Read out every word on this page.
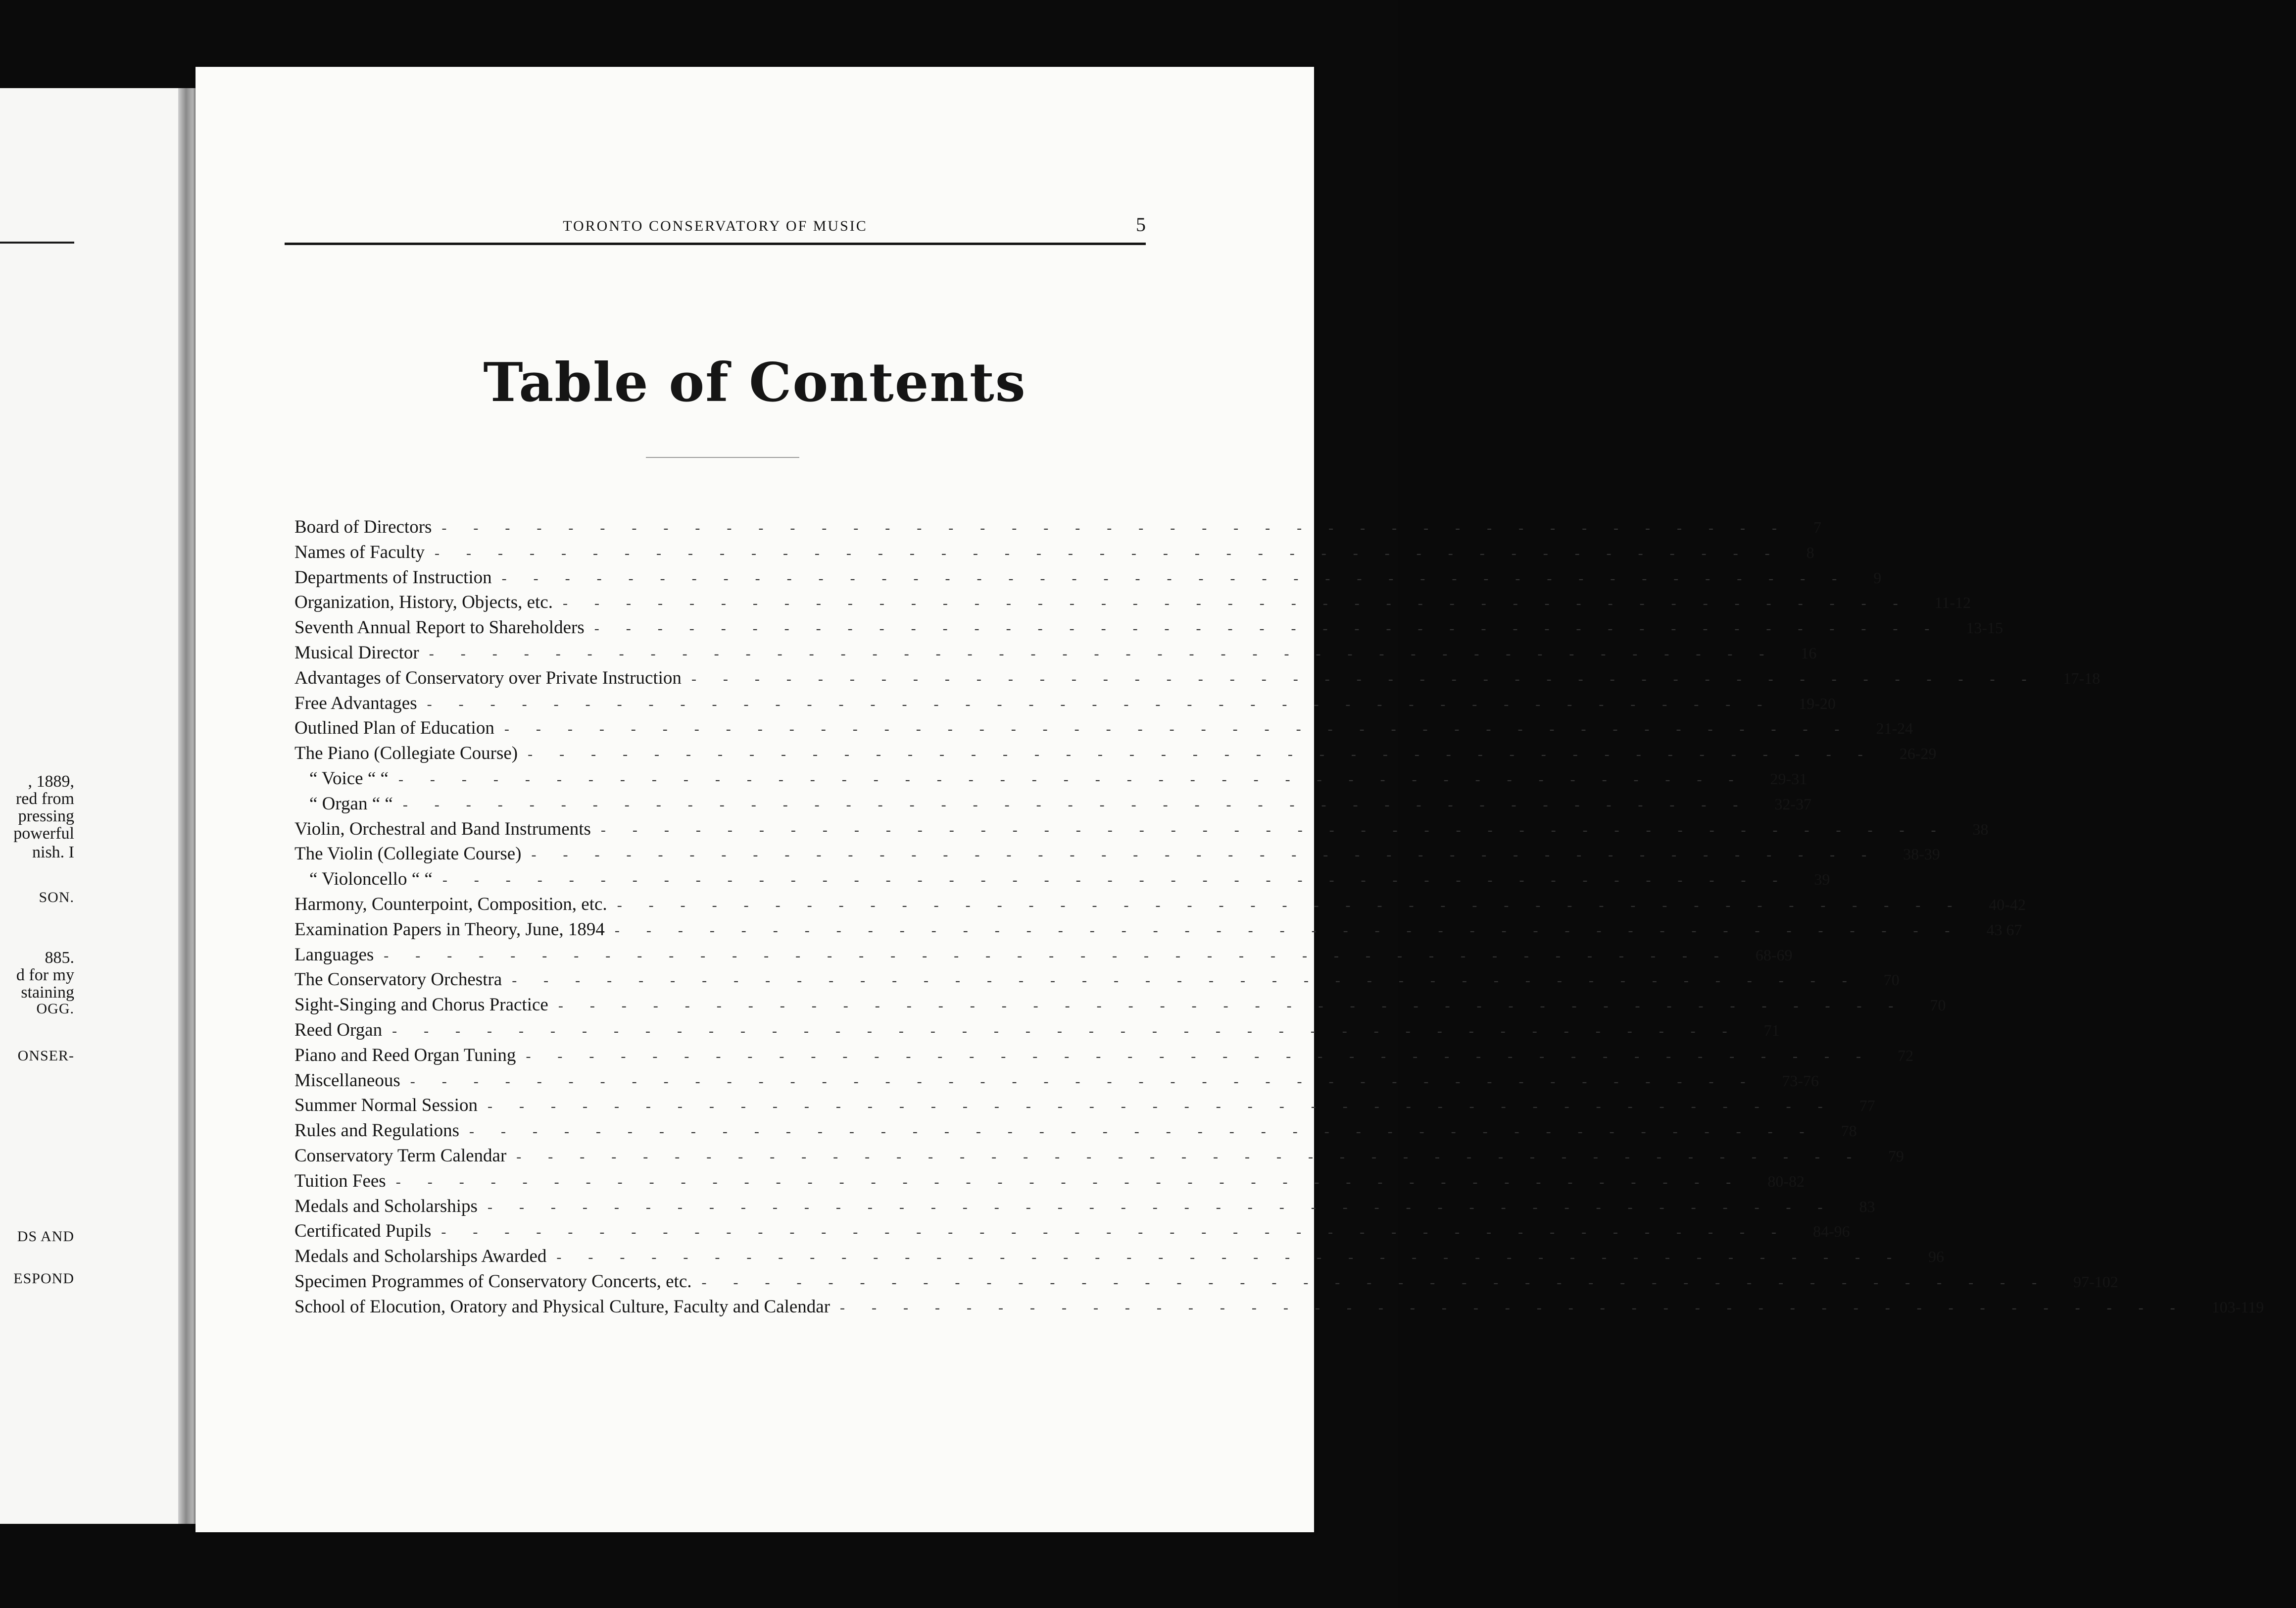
, 1889,
red from
pressing
powerful
nish. I
SON.
885.
d for my
staining
OGG.
ONSER-
DS AND
ESPOND
TORONTO CONSERVATORY OF MUSIC	5
Table of Contents
Board of Directors ------------------------------------------- 7
Names of Faculty ------------------------------------------- 8
Departments of Instruction ------------------------------------------- 9
Organization, History, Objects, etc. ------------------------------------------- 11-12
Seventh Annual Report to Shareholders ------------------------------------------- 13-15
Musical Director ------------------------------------------- 16
Advantages of Conservatory over Private Instruction ------------------------------------------- 17-18
Free Advantages ------------------------------------------- 19-20
Outlined Plan of Education ------------------------------------------- 21-24
The Piano (Collegiate Course) ------------------------------------------- 26-29
“ Voice “ “ ------------------------------------------- 29-31
“ Organ “ “ ------------------------------------------- 32-37
Violin, Orchestral and Band Instruments ------------------------------------------- 38
The Violin (Collegiate Course) ------------------------------------------- 38-39
“ Violoncello “ “ ------------------------------------------- 39
Harmony, Counterpoint, Composition, etc. ------------------------------------------- 40-42
Examination Papers in Theory, June, 1894 ------------------------------------------- 43 67
Languages ------------------------------------------- 68-69
The Conservatory Orchestra ------------------------------------------- 70
Sight-Singing and Chorus Practice ------------------------------------------- 70
Reed Organ ------------------------------------------- 71
Piano and Reed Organ Tuning ------------------------------------------- 72
Miscellaneous ------------------------------------------- 73-76
Summer Normal Session ------------------------------------------- 77
Rules and Regulations ------------------------------------------- 78
Conservatory Term Calendar ------------------------------------------- 79
Tuition Fees ------------------------------------------- 80-82
Medals and Scholarships ------------------------------------------- 83
Certificated Pupils ------------------------------------------- 84-96
Medals and Scholarships Awarded ------------------------------------------- 96
Specimen Programmes of Conservatory Concerts, etc. ------------------------------------------- 97-102
School of Elocution, Oratory and Physical Culture, Faculty and Calendar ------------------------------------------- 103-119
